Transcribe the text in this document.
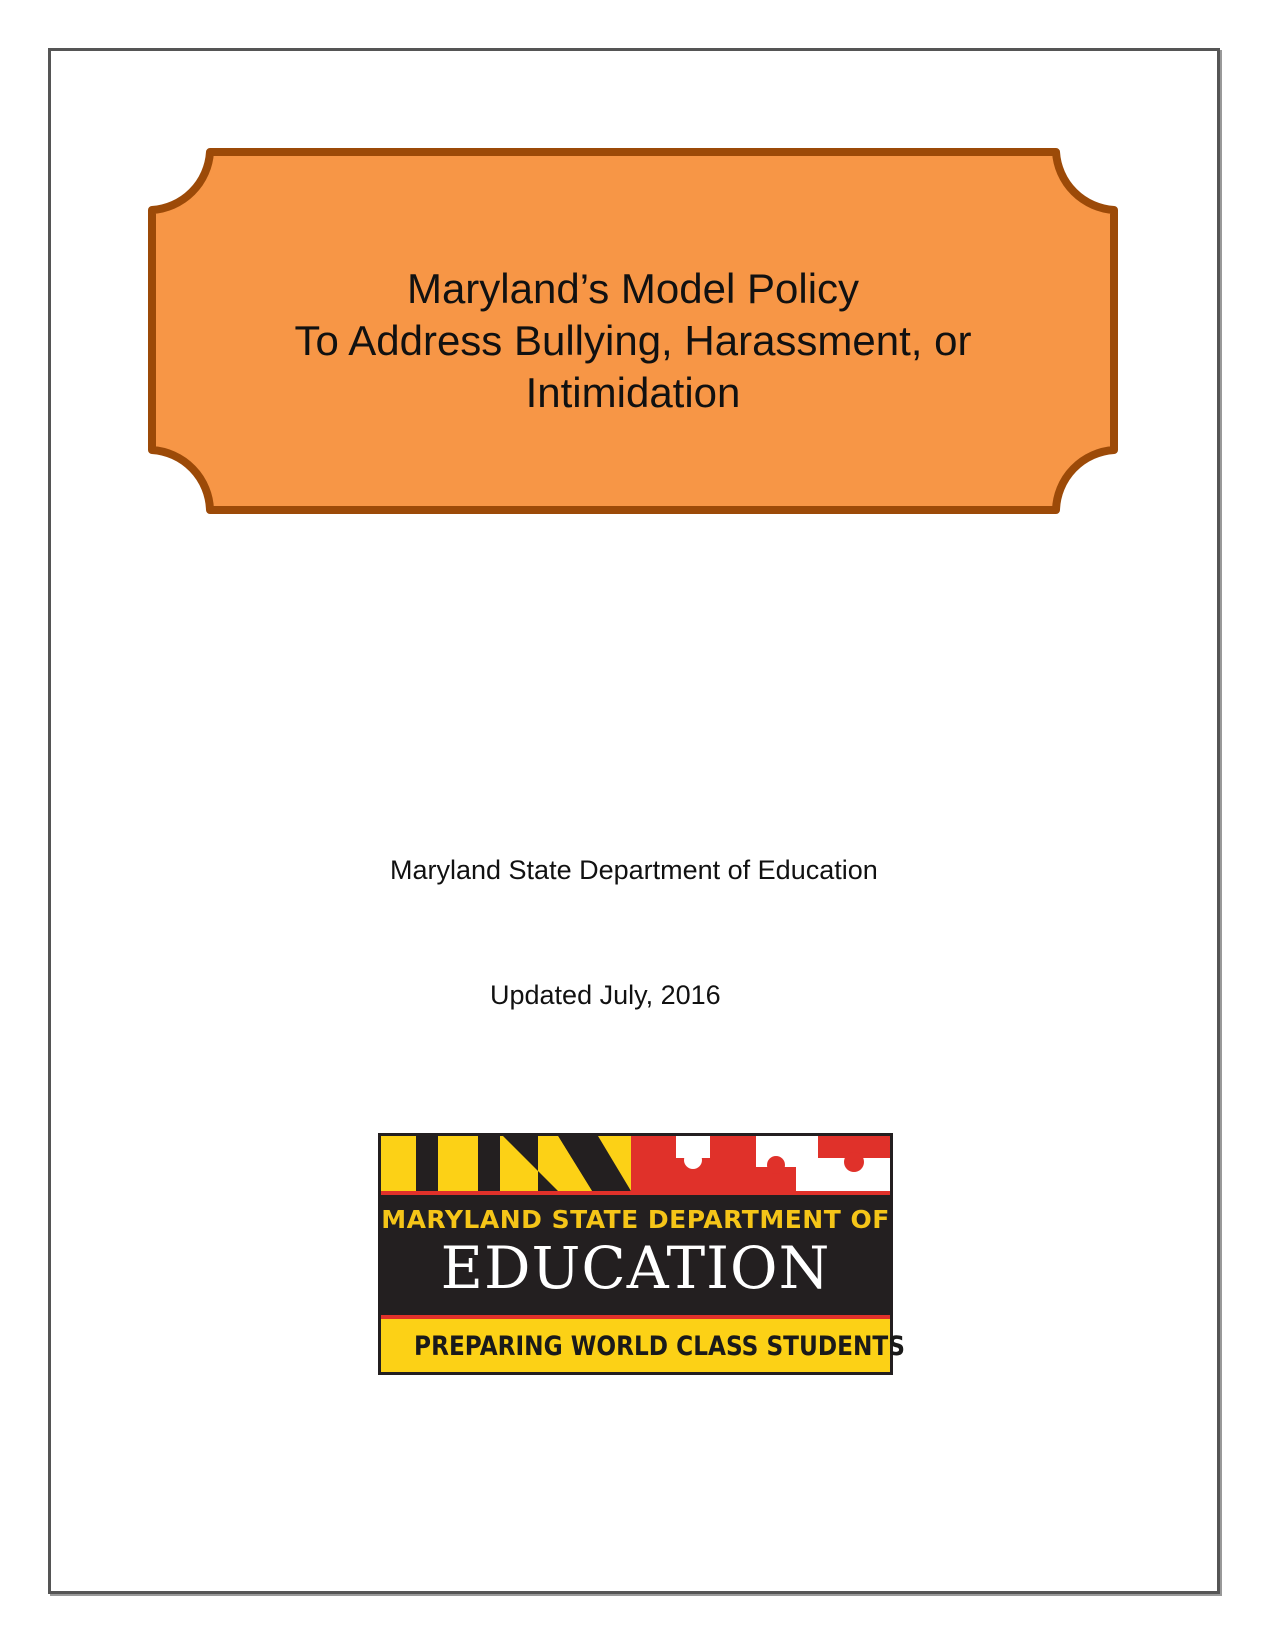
Maryland’s Model Policy
To Address Bullying, Harassment, or
Intimidation
Maryland State Department of Education
Updated July, 2016
MARYLAND STATE DEPARTMENT OF
EDUCATION
PREPARING WORLD CLASS STUDENTS
